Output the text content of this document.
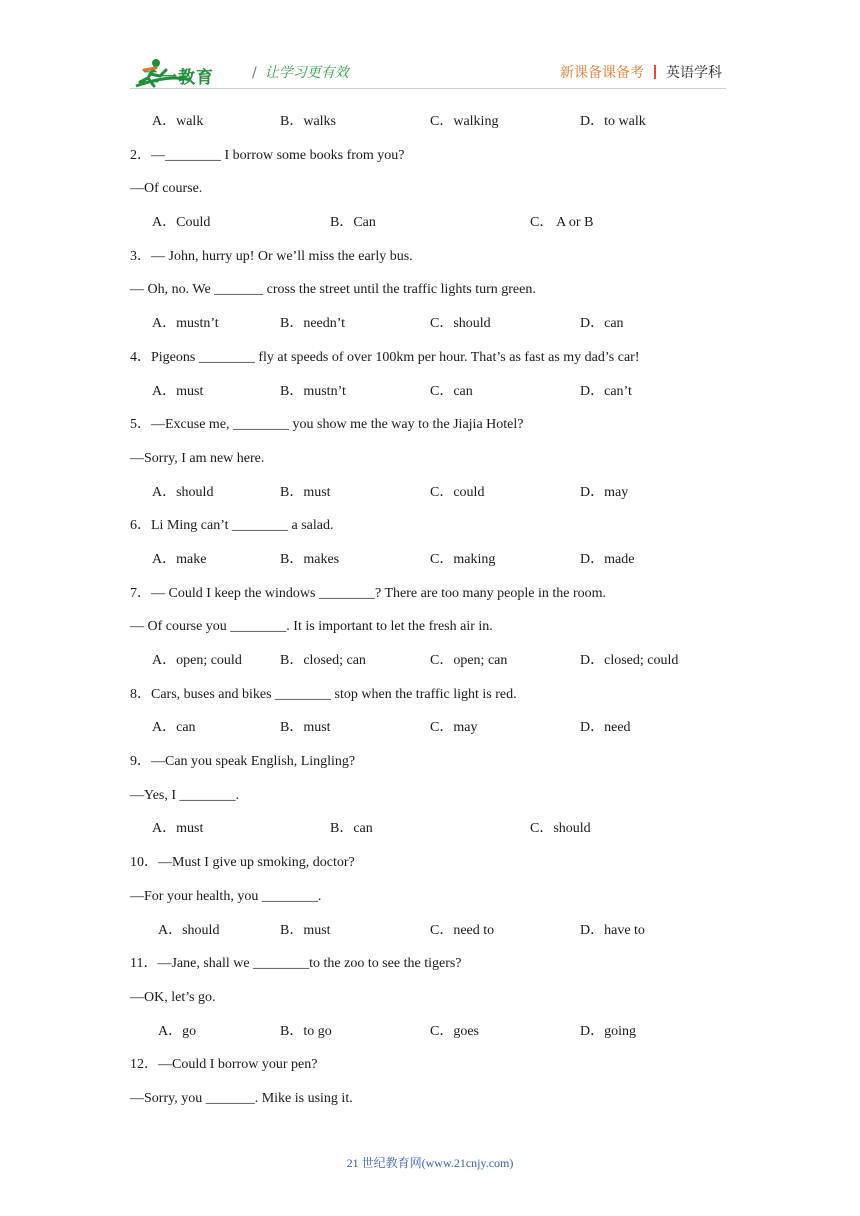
二一教育	/ 让学习更有效	新课备课备考 英语学科
A．walk	B．walks	C．walking	D．to walk
2．—________ I borrow some books from you?
—Of course.
A．Could	B．Can	C． A or B
3．— John, hurry up! Or we’ll miss the early bus.
— Oh, no. We _______ cross the street until the traffic lights turn green.
A．mustn’t	B．needn’t	C．should	D．can
4．Pigeons ________ fly at speeds of over 100km per hour. That’s as fast as my dad’s car!
A．must	B．mustn’t	C．can	D．can’t
5．—Excuse me, ________ you show me the way to the Jiajia Hotel?
—Sorry, I am new here.
A．should	B．must	C．could	D．may
6．Li Ming can’t ________ a salad.
A．make	B．makes	C．making	D．made
7．— Could I keep the windows ________? There are too many people in the room.
— Of course you ________. It is important to let the fresh air in.
A．open; could	B．closed; can	C．open; can	D．closed; could
8．Cars, buses and bikes ________ stop when the traffic light is red.
A．can	B．must	C．may	D．need
9．—Can you speak English, Lingling?
—Yes, I ________.
A．must	B．can	C．should
10．—Must I give up smoking, doctor?
—For your health, you ________.
A．should	B．must	C．need to	D．have to
11．—Jane, shall we ________to the zoo to see the tigers?
—OK, let’s go.
A．go	B．to go	C．goes	D．going
12．—Could I borrow your pen?
—Sorry, you _______. Mike is using it.
21 世纪教育网(www.21cnjy.com)
